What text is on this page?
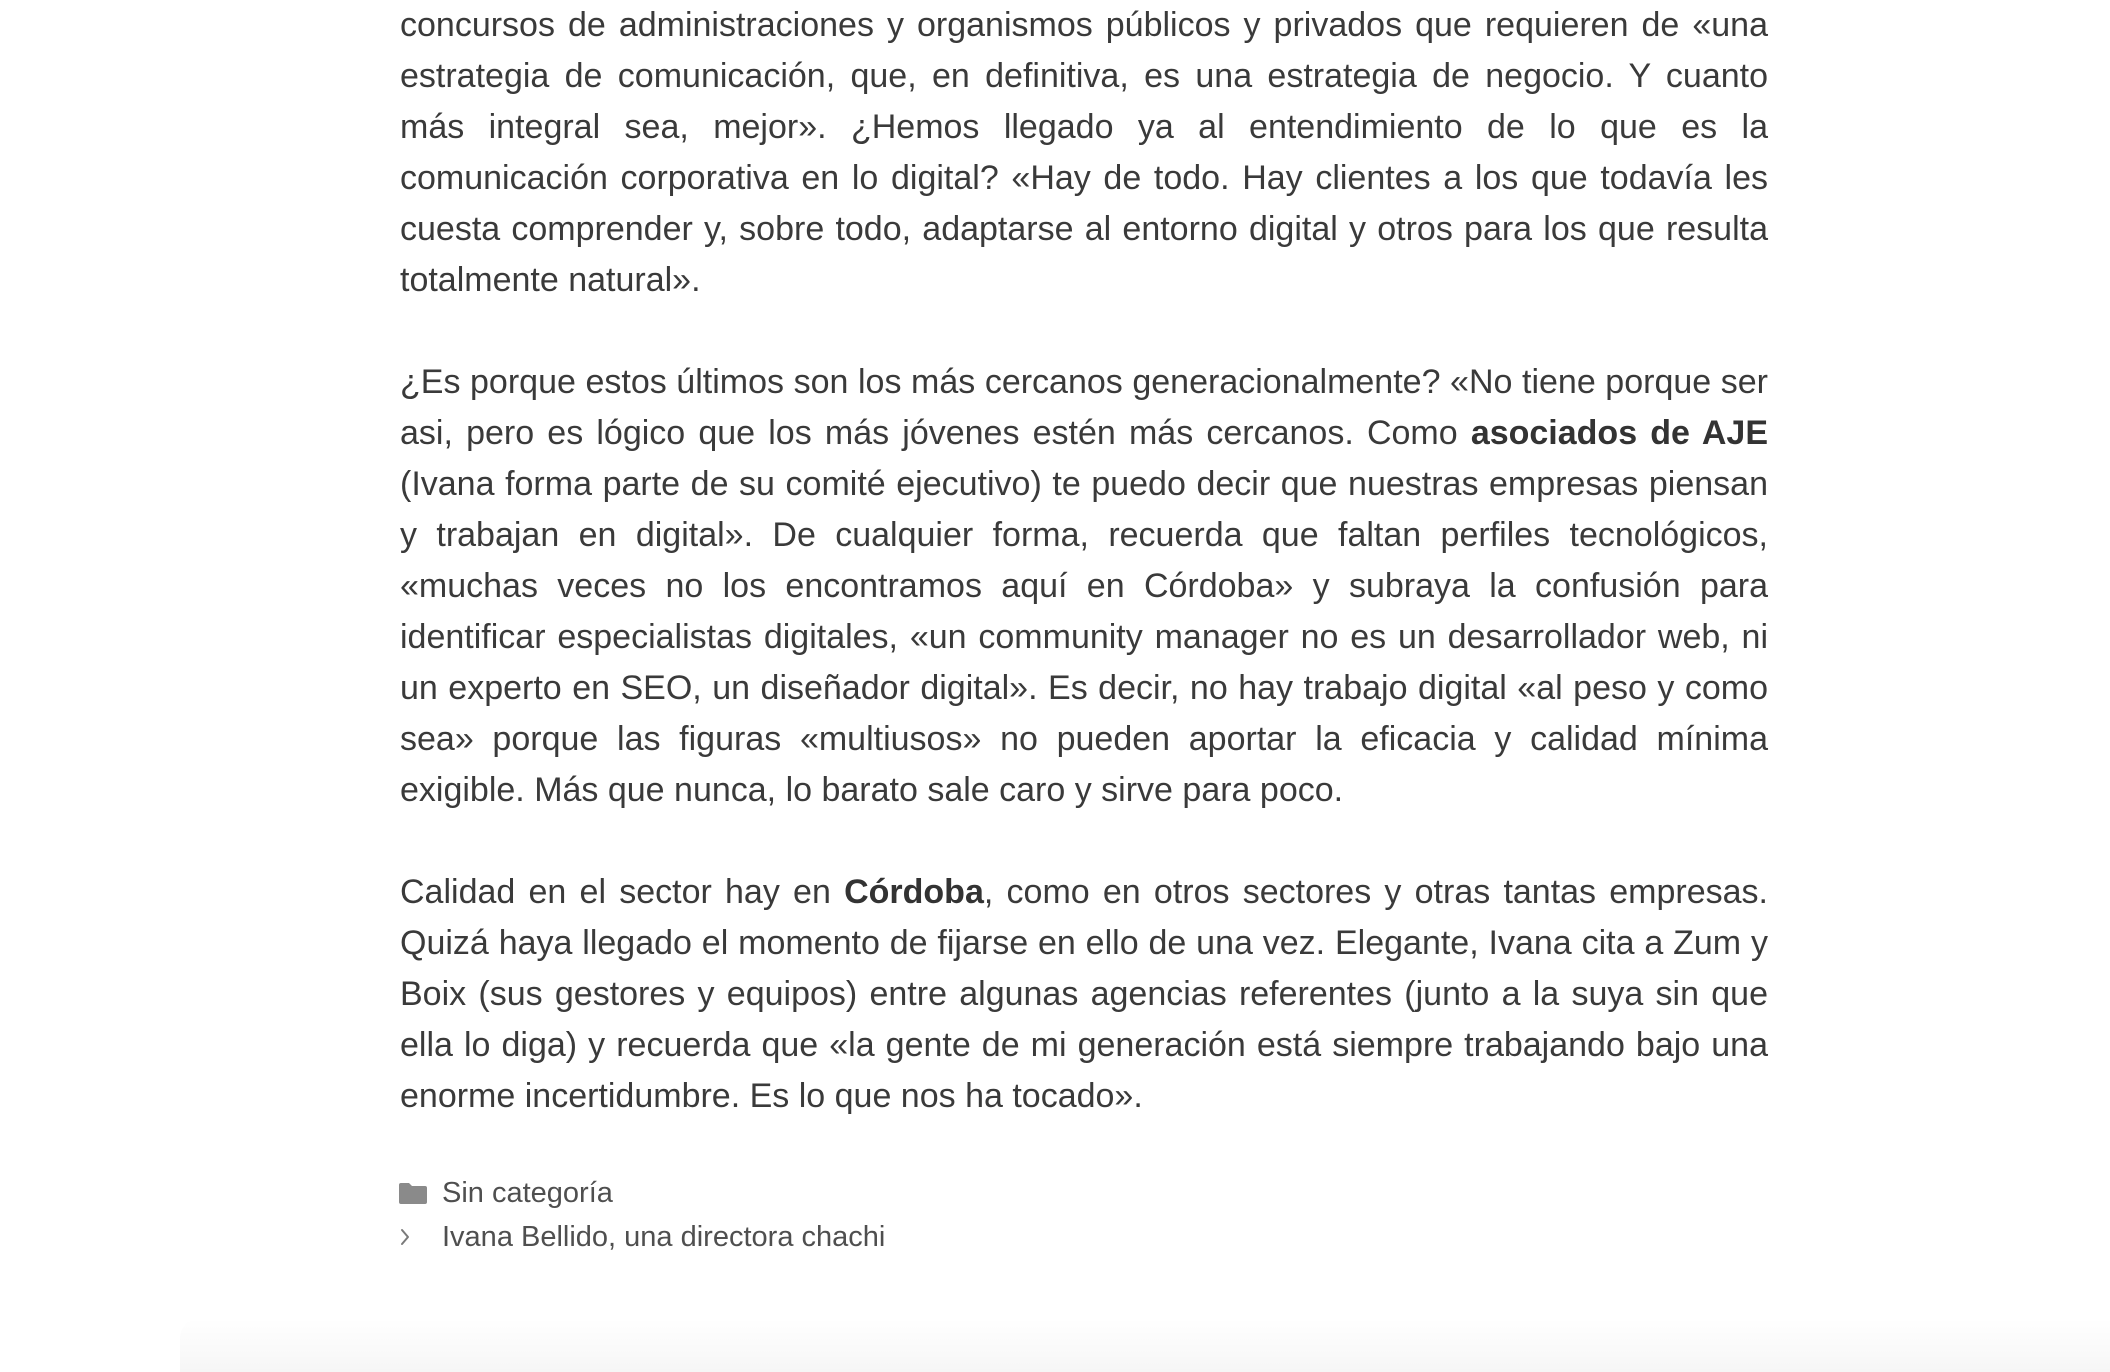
concursos de administraciones y organismos públicos y privados que requieren de «una estrategia de comunicación, que, en definitiva, es una estrategia de negocio. Y cuanto más integral sea, mejor». ¿Hemos llegado ya al entendimiento de lo que es la comunicación corporativa en lo digital? «Hay de todo. Hay clientes a los que todavía les cuesta comprender y, sobre todo, adaptarse al entorno digital y otros para los que resulta totalmente natural».

¿Es porque estos últimos son los más cercanos generacionalmente? «No tiene porque ser asi, pero es lógico que los más jóvenes estén más cercanos. Como asociados de AJE (Ivana forma parte de su comité ejecutivo) te puedo decir que nuestras empresas piensan y trabajan en digital». De cualquier forma, recuerda que faltan perfiles tecnológicos, «muchas veces no los encontramos aquí en Córdoba» y subraya la confusión para identificar especialistas digitales, «un community manager no es un desarrollador web, ni un experto en SEO, un diseñador digital». Es decir, no hay trabajo digital «al peso y como sea» porque las figuras «multiusos» no pueden aportar la eficacia y calidad mínima exigible. Más que nunca, lo barato sale caro y sirve para poco.

Calidad en el sector hay en Córdoba, como en otros sectores y otras tantas empresas. Quizá haya llegado el momento de fijarse en ello de una vez. Elegante, Ivana cita a Zum y Boix (sus gestores y equipos) entre algunas agencias referentes (junto a la suya sin que ella lo diga) y recuerda que «la gente de mi generación está siempre trabajando bajo una enorme incertidumbre. Es lo que nos ha tocado».

Sin categoría
Ivana Bellido, una directora chachi
